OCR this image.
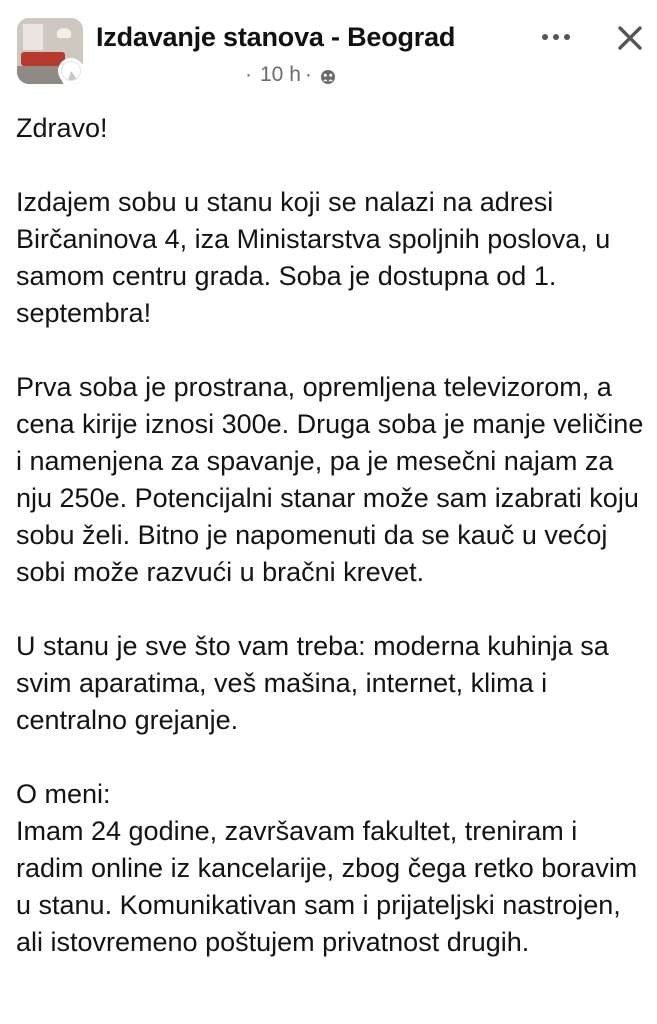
Izdavanje stanova - Beograd
· 10 h ·

Zdravo!

Izdajem sobu u stanu koji se nalazi na adresi Birčaninova 4, iza Ministarstva spoljnih poslova, u samom centru grada. Soba je dostupna od 1. septembra!

Prva soba je prostrana, opremljena televizorom, a cena kirije iznosi 300e. Druga soba je manje veličine i namenjena za spavanje, pa je mesečni najam za nju 250e. Potencijalni stanar može sam izabrati koju sobu želi. Bitno je napomenuti da se kauč u većoj sobi može razvući u bračni krevet.

U stanu je sve što vam treba: moderna kuhinja sa svim aparatima, veš mašina, internet, klima i centralno grejanje.

O meni:

Imam 24 godine, završavam fakultet, treniram i radim online iz kancelarije, zbog čega retko boravim u stanu. Komunikativan sam i prijateljski nastrojen, ali istovremeno poštujem privatnost drugih.
